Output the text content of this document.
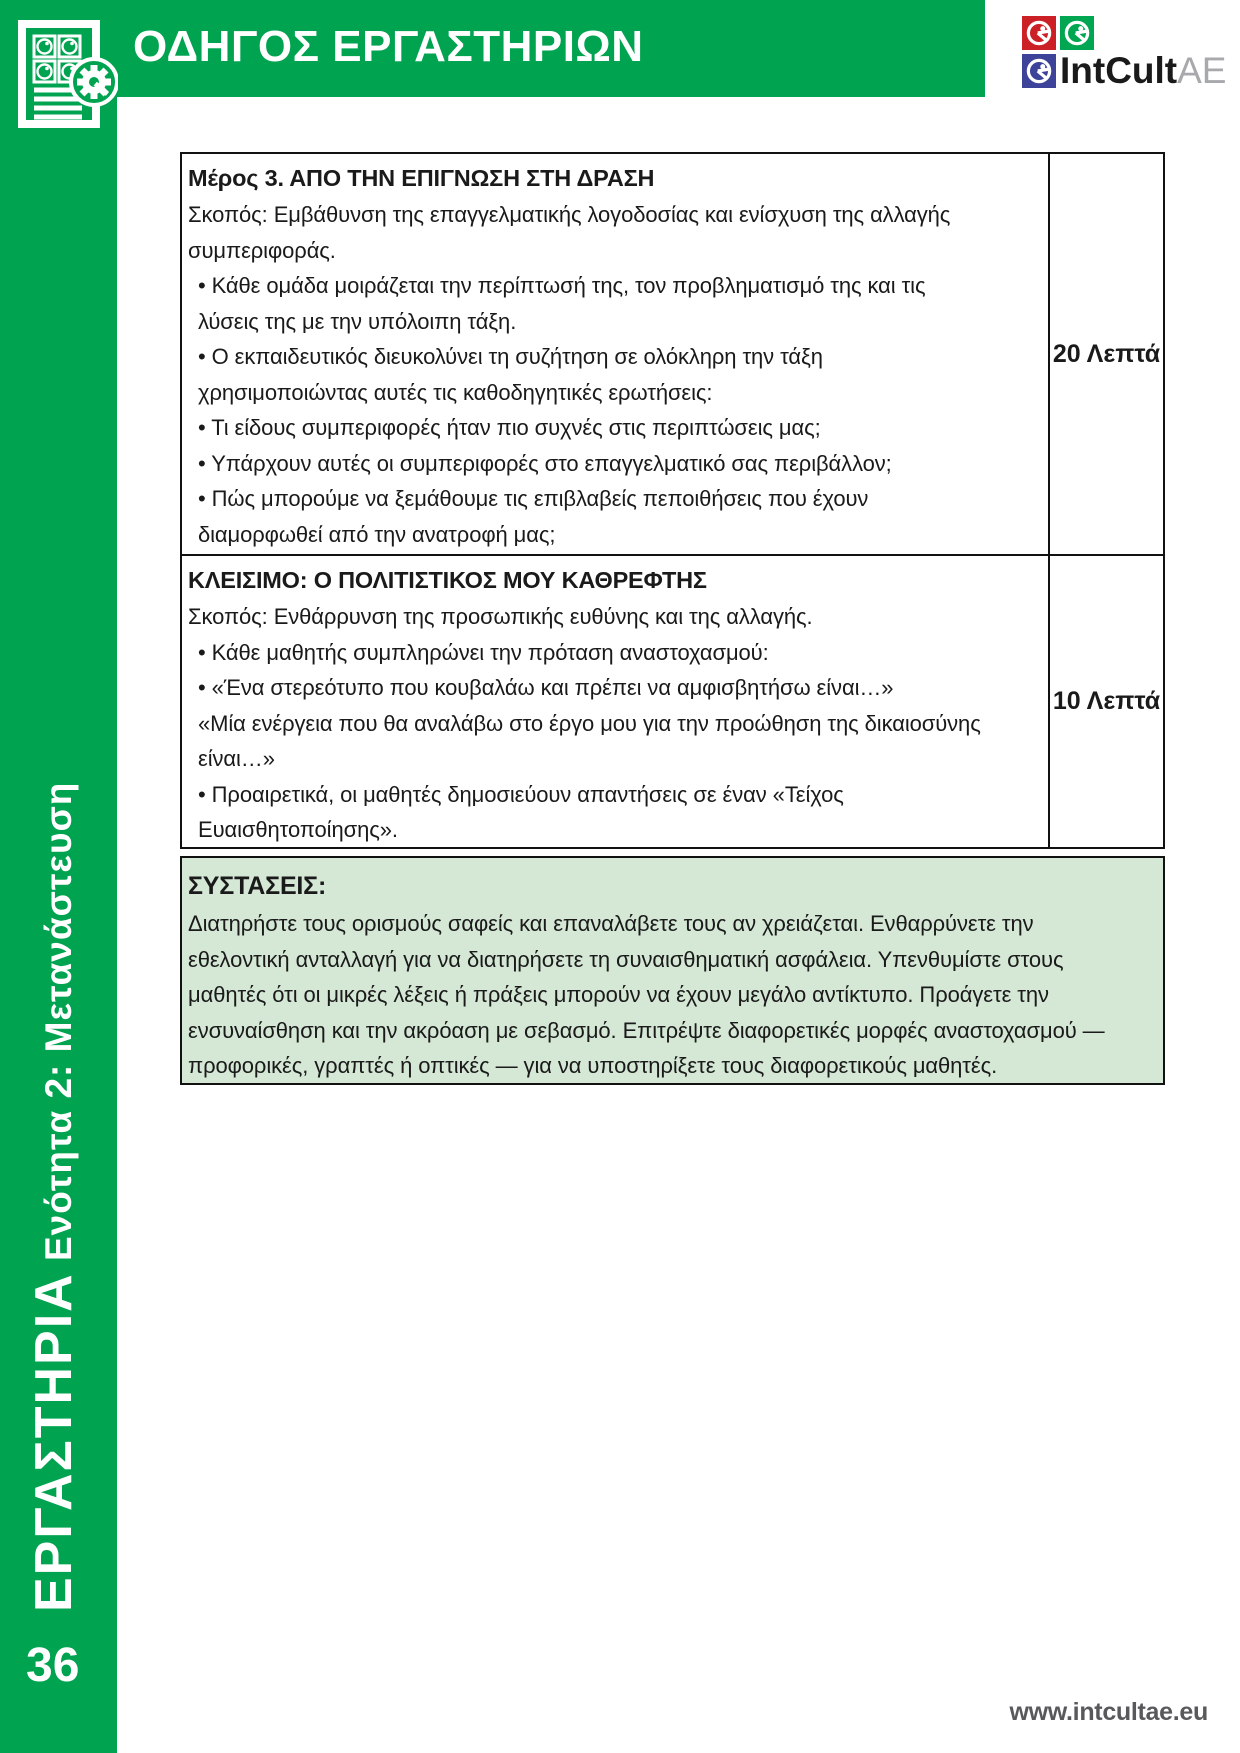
ΟΔΗΓΟΣ ΕΡΓΑΣΤΗΡΙΩΝ	IntCultAE
Μέρος 3. ΑΠΟ ΤΗΝ ΕΠΙΓΝΩΣΗ ΣΤΗ ΔΡΑΣΗ
Σκοπός: Εμβάθυνση της επαγγελματικής λογοδοσίας και ενίσχυση της αλλαγής
συμπεριφοράς.
• Κάθε ομάδα μοιράζεται την περίπτωσή της, τον προβληματισμό της και τις
λύσεις της με την υπόλοιπη τάξη.
• Ο εκπαιδευτικός διευκολύνει τη συζήτηση σε ολόκληρη την τάξη
χρησιμοποιώντας αυτές τις καθοδηγητικές ερωτήσεις:
• Τι είδους συμπεριφορές ήταν πιο συχνές στις περιπτώσεις μας;
• Υπάρχουν αυτές οι συμπεριφορές στο επαγγελματικό σας περιβάλλον;
• Πώς μπορούμε να ξεμάθουμε τις επιβλαβείς πεποιθήσεις που έχουν
διαμορφωθεί από την ανατροφή μας;
20 Λεπτά
ΚΛΕΙΣΙΜΟ: Ο ΠΟΛΙΤΙΣΤΙΚΟΣ ΜΟΥ ΚΑΘΡΕΦΤΗΣ
Σκοπός: Ενθάρρυνση της προσωπικής ευθύνης και της αλλαγής.
• Κάθε μαθητής συμπληρώνει την πρόταση αναστοχασμού:
• «Ένα στερεότυπο που κουβαλάω και πρέπει να αμφισβητήσω είναι…»
«Μία ενέργεια που θα αναλάβω στο έργο μου για την προώθηση της δικαιοσύνης
είναι…»
• Προαιρετικά, οι μαθητές δημοσιεύουν απαντήσεις σε έναν «Τείχος
Ευαισθητοποίησης».
10 Λεπτά
ΣΥΣΤΑΣΕΙΣ:
Διατηρήστε τους ορισμούς σαφείς και επαναλάβετε τους αν χρειάζεται. Ενθαρρύνετε την
εθελοντική ανταλλαγή για να διατηρήσετε τη συναισθηματική ασφάλεια. Υπενθυμίστε στους
μαθητές ότι οι μικρές λέξεις ή πράξεις μπορούν να έχουν μεγάλο αντίκτυπο. Προάγετε την
ενσυναίσθηση και την ακρόαση με σεβασμό. Επιτρέψτε διαφορετικές μορφές αναστοχασμού —
προφορικές, γραπτές ή οπτικές — για να υποστηρίξετε τους διαφορετικούς μαθητές.
ΕΡΓΑΣΤΗΡΙΑ Ενότητα 2: Μετανάστευση
36
www.intcultae.eu
